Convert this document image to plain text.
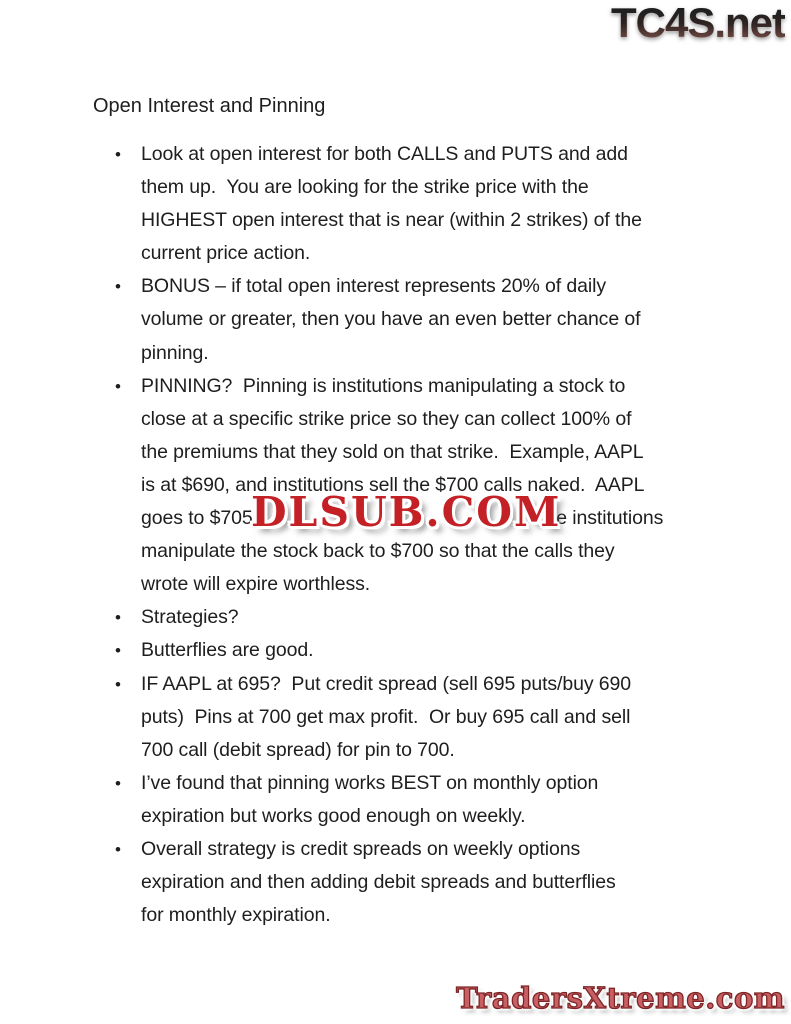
TC4S.net
Open Interest and Pinning
•	Look at open interest for both CALLS and PUTS and add
them up.  You are looking for the strike price with the
HIGHEST open interest that is near (within 2 strikes) of the
current price action.
•	BONUS – if total open interest represents 20% of daily
volume or greater, then you have an even better chance of
pinning.
•	PINNING?  Pinning is institutions manipulating a stock to
close at a specific strike price so they can collect 100% of
the premiums that they sold on that strike.  Example, AAPL
is at $690, and institutions sell the $700 calls naked.  AAPL
goes to $705	se institutions
manipulate the stock back to $700 so that the calls they
wrote will expire worthless.
•	Strategies?
•	Butterflies are good.
•	IF AAPL at 695?  Put credit spread (sell 695 puts/buy 690
puts)  Pins at 700 get max profit.  Or buy 695 call and sell
700 call (debit spread) for pin to 700.
•	I’ve found that pinning works BEST on monthly option
expiration but works good enough on weekly.
•	Overall strategy is credit spreads on weekly options
expiration and then adding debit spreads and butterflies
for monthly expiration.
DLSUB.COM
TradersXtreme.com
